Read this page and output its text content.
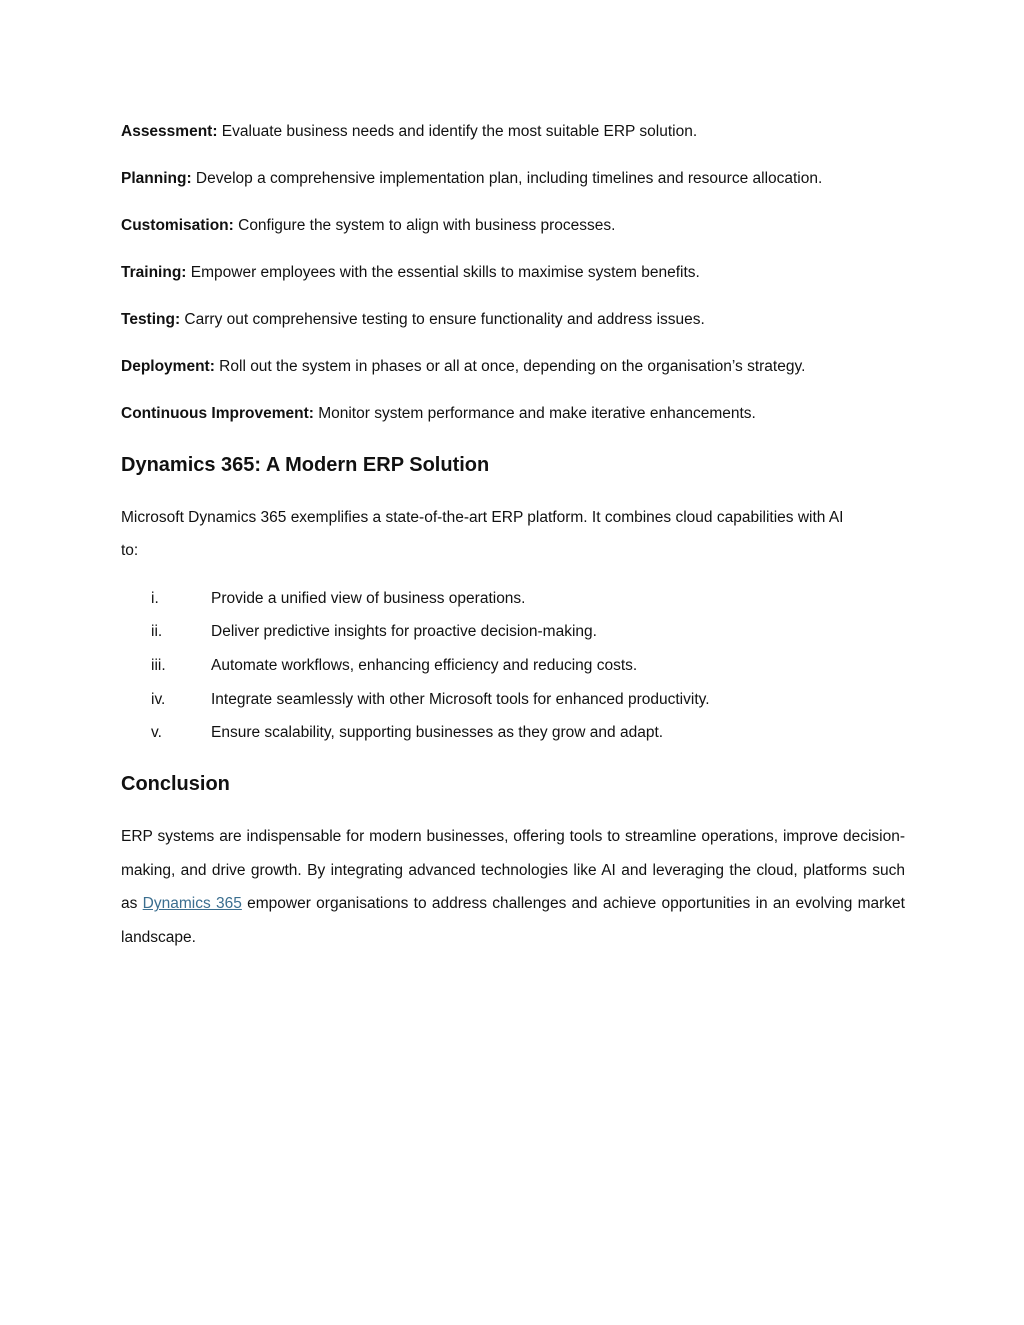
Assessment: Evaluate business needs and identify the most suitable ERP solution.
Planning: Develop a comprehensive implementation plan, including timelines and resource allocation.
Customisation: Configure the system to align with business processes.
Training: Empower employees with the essential skills to maximise system benefits.
Testing: Carry out comprehensive testing to ensure functionality and address issues.
Deployment: Roll out the system in phases or all at once, depending on the organisation’s strategy.
Continuous Improvement: Monitor system performance and make iterative enhancements.
Dynamics 365: A Modern ERP Solution
Microsoft Dynamics 365 exemplifies a state-of-the-art ERP platform. It combines cloud capabilities with AI
to:
i.	Provide a unified view of business operations.
ii.	Deliver predictive insights for proactive decision-making.
iii.	Automate workflows, enhancing efficiency and reducing costs.
iv.	Integrate seamlessly with other Microsoft tools for enhanced productivity.
v.	Ensure scalability, supporting businesses as they grow and adapt.
Conclusion
ERP systems are indispensable for modern businesses, offering tools to streamline operations, improve decision-making, and drive growth. By integrating advanced technologies like AI and leveraging the cloud, platforms such as Dynamics 365 empower organisations to address challenges and achieve opportunities in an evolving market landscape.
